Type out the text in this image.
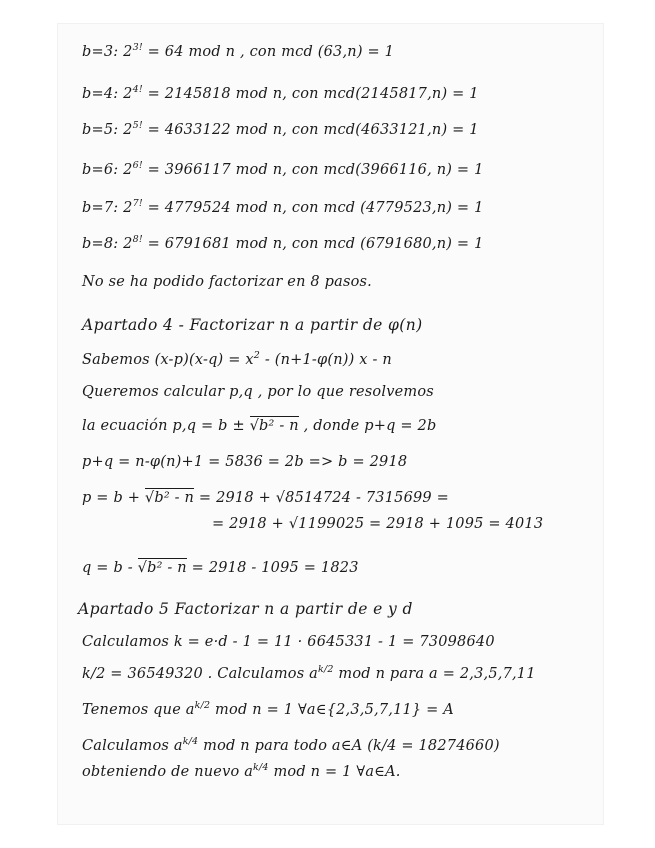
b=3: $2^{3!} = 64$ mod n , con mcd (63,n) = 1
b=4: $2^{4!} = 2145818$ mod n, con mcd(2145817,n) = 1
b=5: $2^{5!} = 4633122$ mod n, con mcd(4633121,n) = 1
b=6: $2^{6!} = 3966117$ mod n, con mcd(3966116, n) = 1
b=7: $2^{7!} = 4779524$ mod n, con mcd (4779523,n) = 1
b=8: $2^{8!} = 6791681$ mod n, con mcd (6791680,n) = 1
No se ha podido factorizar en 8 pasos.
Apartado 4 - Factorizar n a partir de φ(n)
Sabemos $(x-p)(x-q) = x^2 - (n+1-\varphi(n))$ x - n
Queremos calcular p,q , por lo que resolvemos
la ecuación p,q = b ± √b² - n , donde p+q = 2b
p+q = n-φ(n)+1 = 5836 = 2b => b = 2918
p = b + √b² - n = 2918 + √8514724 - 7315699 =
= 2918 + √1199025 = 2918 + 1095 = 4013
q = b - √b² - n = 2918 - 1095 = 1823
Apartado 5 Factorizar n a partir de e y d
Calculamos k = e·d - 1 = 11 · 6645331 - 1 = 73098640
k/2 = 36549320 . Calculamos $a^{k/2}$ mod n para a = 2,3,5,7,11
Tenemos que $a^{k/2}$ mod n = 1 ∀a∈{2,3,5,7,11} = A
Calculamos $a^{k/4}$ mod n para todo a∈A (k/4 = 18274660)
obteniendo de nuevo $a^{k/4}$ mod n = 1 ∀a∈A.
